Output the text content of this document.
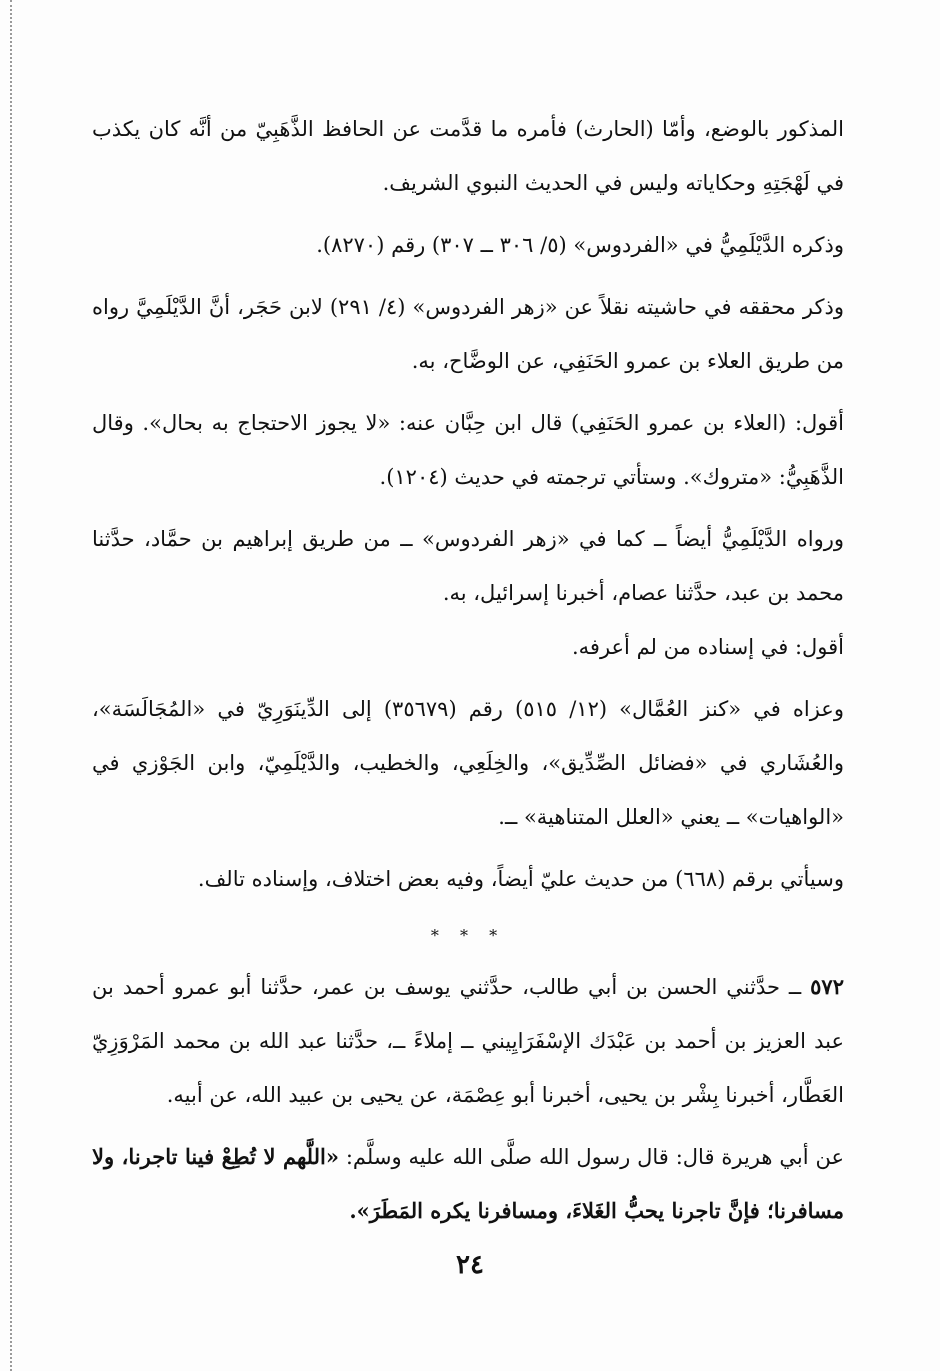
المذكور بالوضع، وأمّا (الحارث) فأمره ما قدَّمت عن الحافظ الذَّهَبِيّ من أنَّه كان يكذب في لَهْجَتِهِ وحكاياته وليس في الحديث النبوي الشريف.

وذكره الدَّيْلَمِيُّ في «الفردوس» (٥/ ٣٠٦ ــ ٣٠٧) رقم (٨٢٧٠).

وذكر محققه في حاشيته نقلاً عن «زهر الفردوس» (٤/ ٢٩١) لابن حَجَر، أنَّ الدَّيْلَمِيَّ رواه من طريق العلاء بن عمرو الحَنَفِي، عن الوضَّاح، به.

أقول: (العلاء بن عمرو الحَنَفِي) قال ابن حِبَّان عنه: «لا يجوز الاحتجاج به بحال». وقال الذَّهَبِيُّ: «متروك». وستأتي ترجمته في حديث (١٢٠٤).

ورواه الدَّيْلَمِيُّ أيضاً ــ كما في «زهر الفردوس» ــ من طريق إبراهيم بن حمَّاد، حدَّثنا محمد بن عبد، حدَّثنا عصام، أخبرنا إسرائيل، به.

أقول: في إسناده من لم أعرفه.

وعزاه في «كنز العُمَّال» (١٢/ ٥١٥) رقم (٣٥٦٧٩) إلى الدِّينَوَرِيّ في «المُجَالَسَة»، والعُشَاري في «فضائل الصِّدِّيق»، والخِلَعِي، والخطيب، والدَّيْلَمِيّ، وابن الجَوْزي في «الواهيات» ــ يعني «العلل المتناهية» ــ.

وسيأتي برقم (٦٦٨) من حديث عليّ أيضاً، وفيه بعض اختلاف، وإسناده تالف.

* * *

٥٧٢ ــ حدَّثني الحسن بن أبي طالب، حدَّثني يوسف بن عمر، حدَّثنا أبو عمرو أحمد بن عبد العزيز بن أحمد بن عَبْدَك الإسْفَرَايِيني ــ إملاءً ــ، حدَّثنا عبد الله بن محمد المَرْوَزِيّ العَطَّار، أخبرنا بِشْر بن يحيى، أخبرنا أبو عِصْمَة، عن يحيى بن عبيد الله، عن أبيه.

عن أبي هريرة قال: قال رسول الله صلَّى الله عليه وسلَّم: «اللَّهم لا تُطِعْ فينا تاجرنا، ولا مسافرنا؛ فإنَّ تاجرنا يحبُّ الغَلاءَ، ومسافرنا يكره المَطَرَ».

٢٤
